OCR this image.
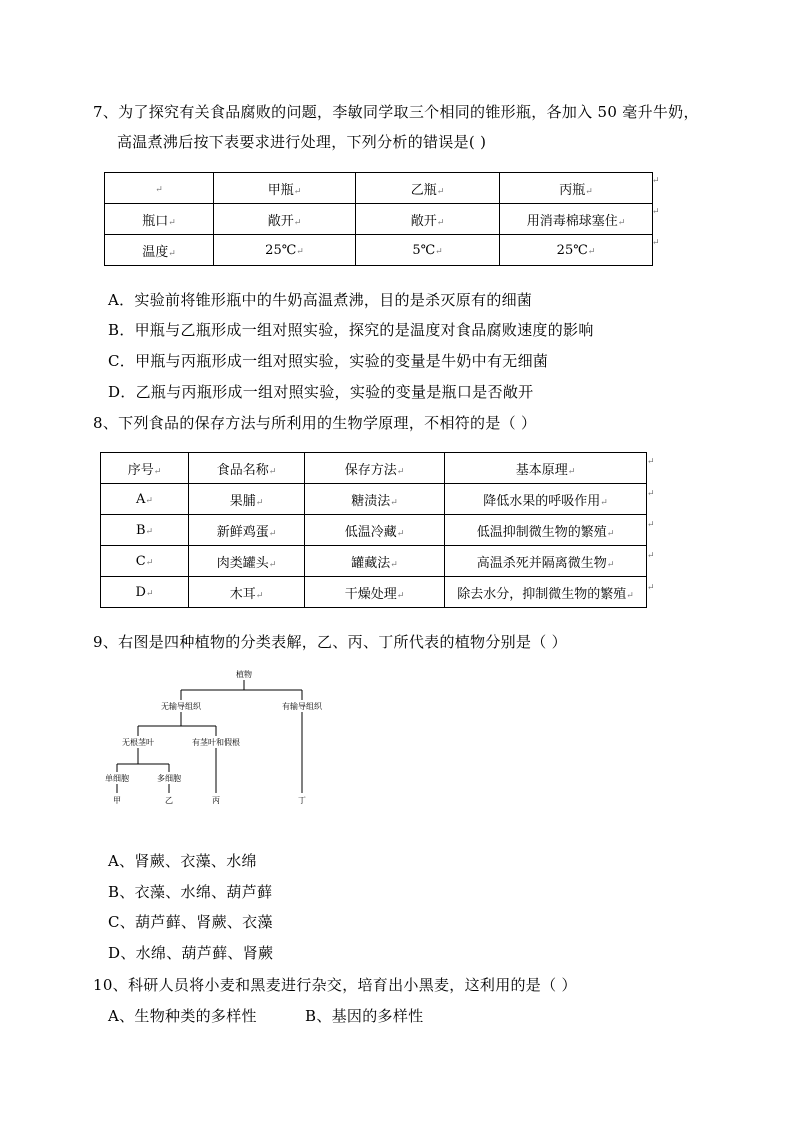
7、为了探究有关食品腐败的问题，李敏同学取三个相同的锥形瓶，各加入 50 毫升牛奶，
高温煮沸后按下表要求进行处理，下列分析的错误是( )
↵	甲瓶↵	乙瓶↵	丙瓶↵
瓶口↵	敞开↵	敞开↵	用消毒棉球塞住↵
温度↵	25℃↵	5℃↵	25℃↵
↵
↵
↵
A．实验前将锥形瓶中的牛奶高温煮沸，目的是杀灭原有的细菌
B．甲瓶与乙瓶形成一组对照实验，探究的是温度对食品腐败速度的影响
C．甲瓶与丙瓶形成一组对照实验，实验的变量是牛奶中有无细菌
D．乙瓶与丙瓶形成一组对照实验，实验的变量是瓶口是否敞开
8、下列食品的保存方法与所利用的生物学原理，不相符的是（ ）
序号↵	食品名称↵	保存方法↵	基本原理↵
A↵	果脯↵	糖渍法↵	降低水果的呼吸作用↵
B↵	新鲜鸡蛋↵	低温冷藏↵	低温抑制微生物的繁殖↵
C↵	肉类罐头↵	罐藏法↵	高温杀死并隔离微生物↵
D↵	木耳↵	干燥处理↵	除去水分，抑制微生物的繁殖↵
↵
↵
↵
↵
↵
9、右图是四种植物的分类表解，乙、丙、丁所代表的植物分别是（ ）
植物
无输导组织	有输导组织
无根茎叶	有茎叶和假根
单细胞	多细胞
甲	乙	丙	丁
A、肾蕨、衣藻、水绵
B、衣藻、水绵、葫芦藓
C、葫芦藓、肾蕨、衣藻
D、水绵、葫芦藓、肾蕨
10、科研人员将小麦和黑麦进行杂交，培育出小黑麦，这利用的是（ ）
A、生物种类的多样性	B、基因的多样性
